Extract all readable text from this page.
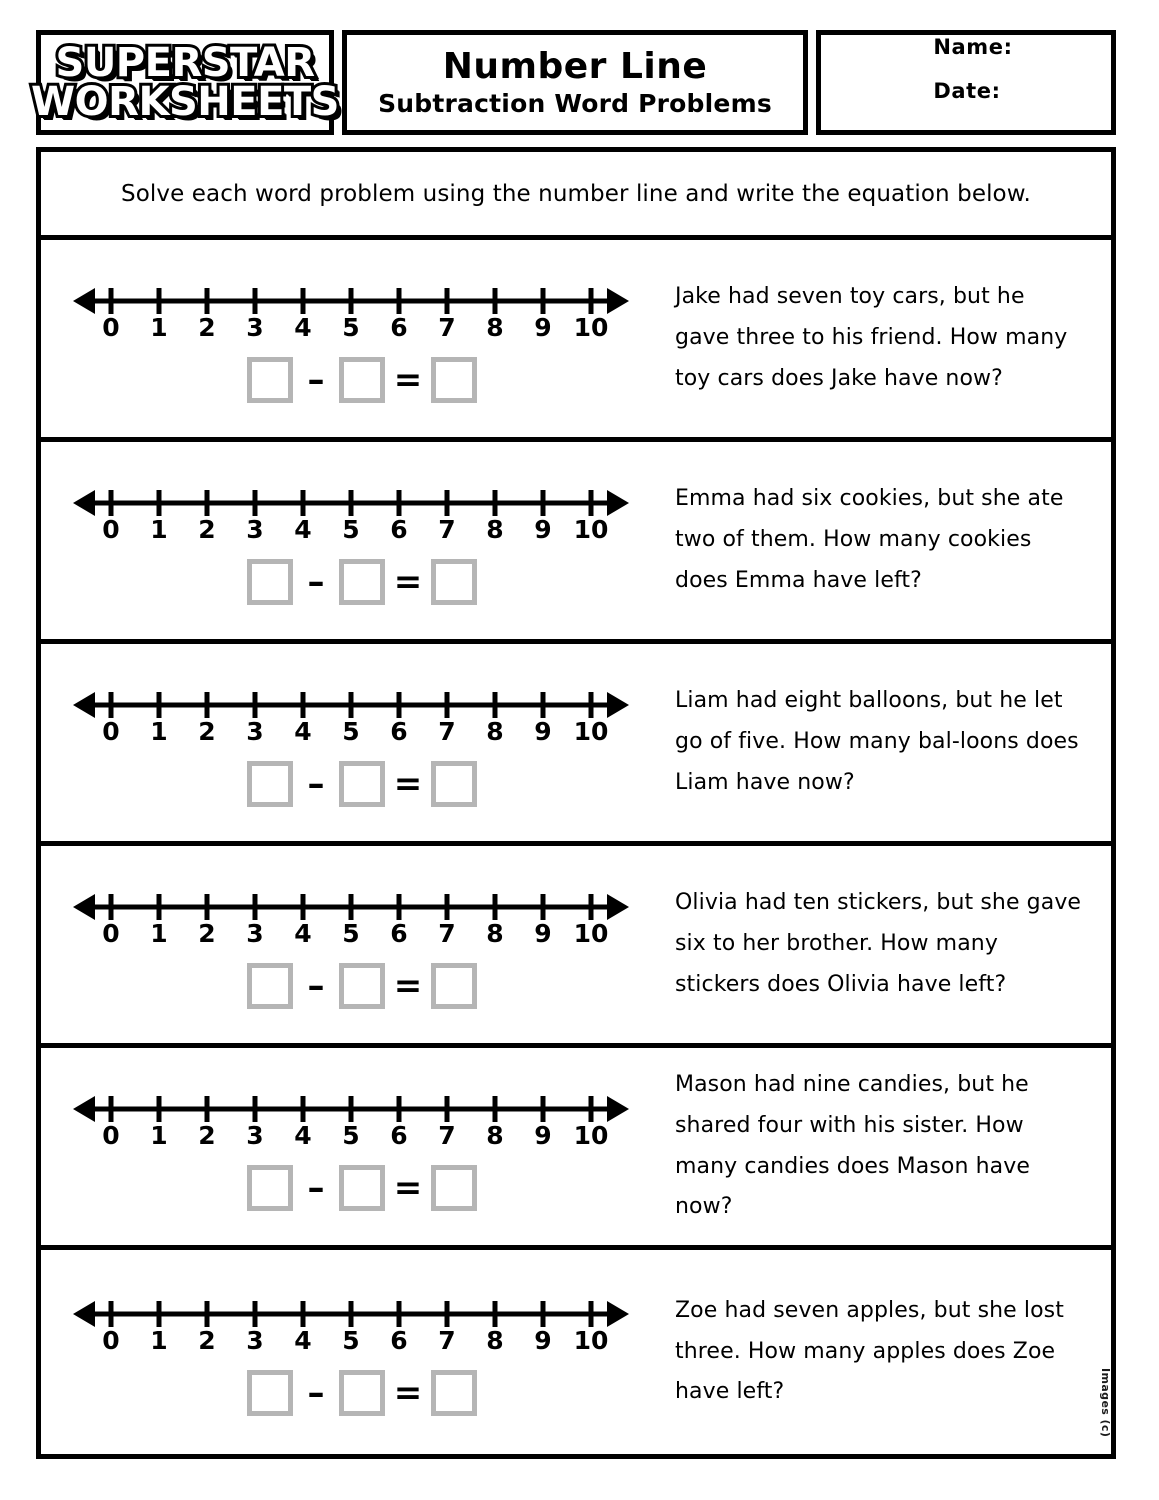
SUPERSTAR
WORKSHEETS
Number Line
Subtraction Word Problems
Name:
Date:
Solve each word problem using the number line and write the equation below.
0 1 2 3 4 5 6 7 8 9 10
–	=
Jake had seven toy cars, but he gave three to his friend. How many toy cars does Jake have now?
0 1 2 3 4 5 6 7 8 9 10
–	=
Emma had six cookies, but she ate two of them. How many cookies does Emma have left?
0 1 2 3 4 5 6 7 8 9 10
–	=
Liam had eight balloons, but he let go of five. How many bal-loons does Liam have now?
0 1 2 3 4 5 6 7 8 9 10
–	=
Olivia had ten stickers, but she gave six to her brother. How many stickers does Olivia have left?
0 1 2 3 4 5 6 7 8 9 10
–	=
Mason had nine candies, but he shared four with his sister. How many candies does Mason have now?
0 1 2 3 4 5 6 7 8 9 10
–	=
Zoe had seven apples, but she lost three. How many apples does Zoe have left?	Images (c)
